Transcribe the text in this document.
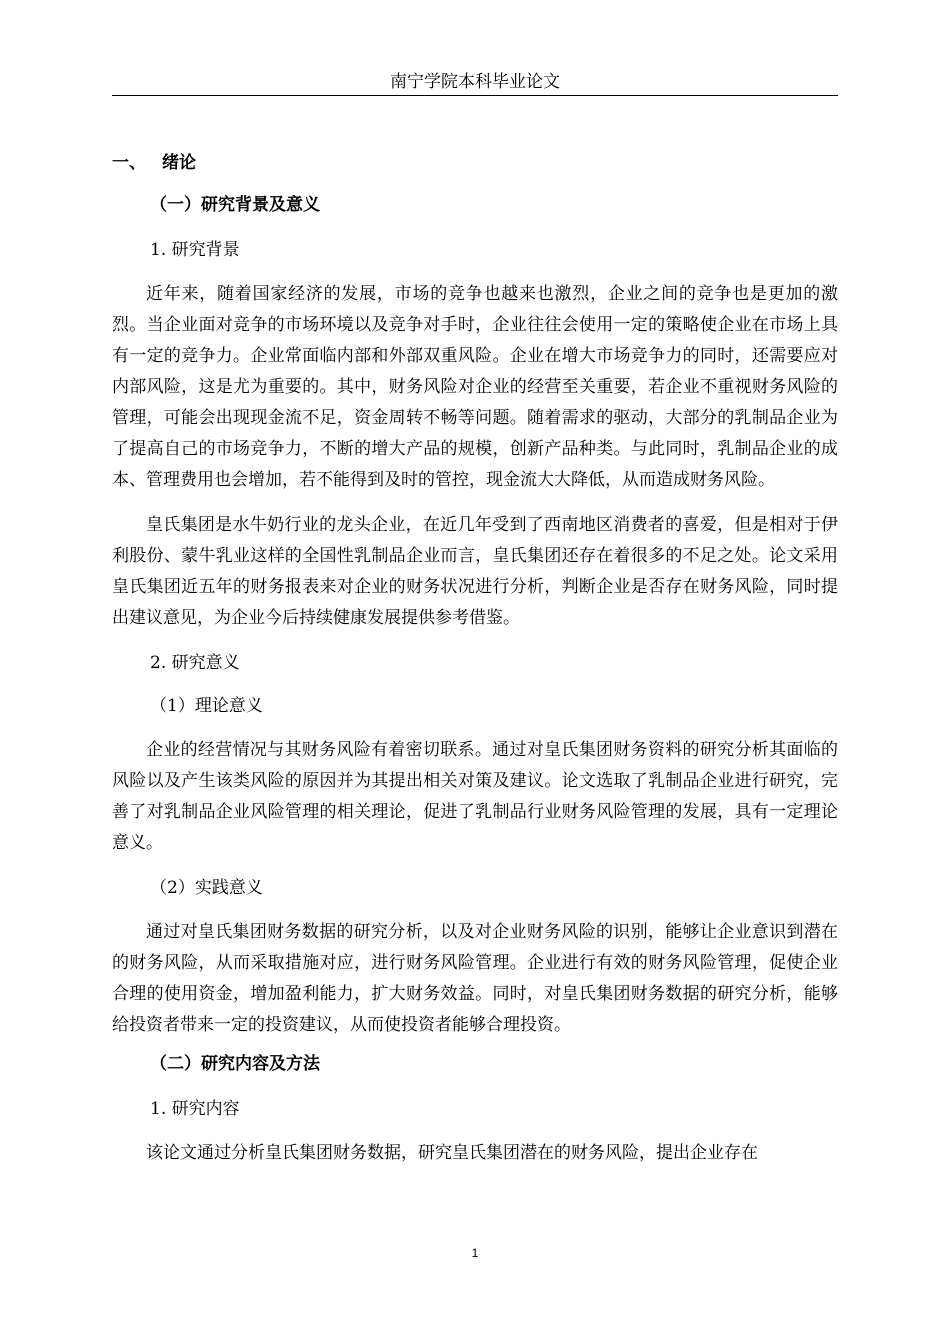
南宁学院本科毕业论文
一、 绪论
（一）研究背景及意义
1. 研究背景

近年来，随着国家经济的发展，市场的竞争也越来也激烈，企业之间的竞争也是更加的激烈。当企业面对竞争的市场环境以及竞争对手时，企业往往会使用一定的策略使企业在市场上具有一定的竞争力。企业常面临内部和外部双重风险。企业在增大市场竞争力的同时，还需要应对内部风险，这是尤为重要的。其中，财务风险对企业的经营至关重要，若企业不重视财务风险的管理，可能会出现现金流不足，资金周转不畅等问题。随着需求的驱动，大部分的乳制品企业为了提高自己的市场竞争力，不断的增大产品的规模，创新产品种类。与此同时，乳制品企业的成本、管理费用也会增加，若不能得到及时的管控，现金流大大降低，从而造成财务风险。

皇氏集团是水牛奶行业的龙头企业，在近几年受到了西南地区消费者的喜爱，但是相对于伊利股份、蒙牛乳业这样的全国性乳制品企业而言，皇氏集团还存在着很多的不足之处。论文采用皇氏集团近五年的财务报表来对企业的财务状况进行分析，判断企业是否存在财务风险，同时提出建议意见，为企业今后持续健康发展提供参考借鉴。

2. 研究意义
（1）理论意义

企业的经营情况与其财务风险有着密切联系。通过对皇氏集团财务资料的研究分析其面临的风险以及产生该类风险的原因并为其提出相关对策及建议。论文选取了乳制品企业进行研究，完善了对乳制品企业风险管理的相关理论，促进了乳制品行业财务风险管理的发展，具有一定理论意义。

（2）实践意义

通过对皇氏集团财务数据的研究分析，以及对企业财务风险的识别，能够让企业意识到潜在的财务风险，从而采取措施对应，进行财务风险管理。企业进行有效的财务风险管理，促使企业合理的使用资金，增加盈利能力，扩大财务效益。同时，对皇氏集团财务数据的研究分析，能够给投资者带来一定的投资建议，从而使投资者能够合理投资。

（二）研究内容及方法
1. 研究内容

该论文通过分析皇氏集团财务数据，研究皇氏集团潜在的财务风险，提出企业存在

1
